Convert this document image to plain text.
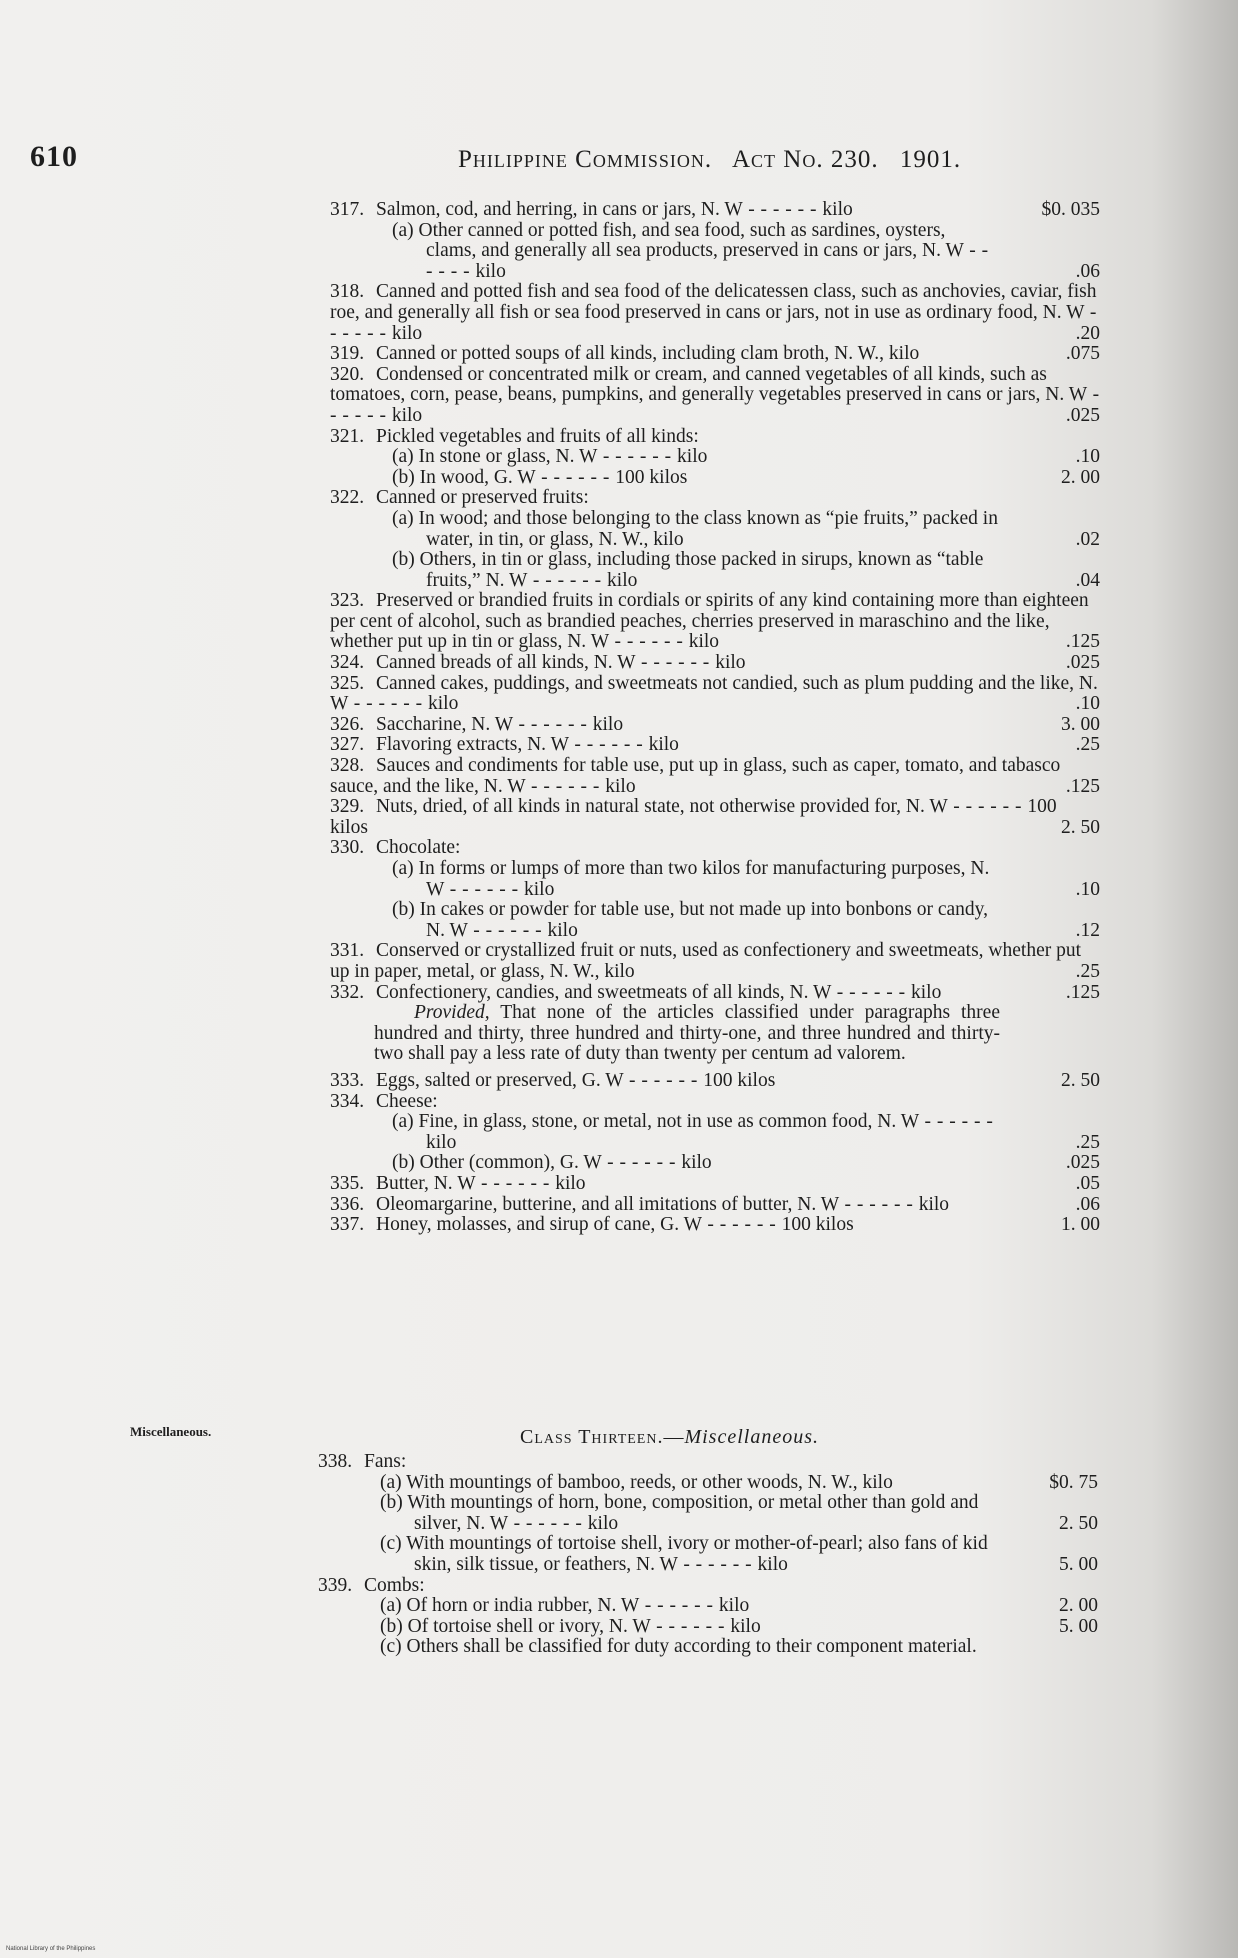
610	Philippine Commission. Act No. 230. 1901.
317. Salmon, cod, and herring, in cans or jars, N. W - - - - - - kilo	$0. 035
(a) Other canned or potted fish, and sea food, such as sardines, oysters, clams, and generally all sea products, preserved in cans or jars, N. W - - - - - - kilo	.06
318. Canned and potted fish and sea food of the delicatessen class, such as anchovies, caviar, fish roe, and generally all fish or sea food preserved in cans or jars, not in use as ordinary food, N. W - - - - - - kilo	.20
319. Canned or potted soups of all kinds, including clam broth, N. W., kilo	.075
320. Condensed or concentrated milk or cream, and canned vegetables of all kinds, such as tomatoes, corn, pease, beans, pumpkins, and generally vegetables preserved in cans or jars, N. W - - - - - - kilo	.025
321. Pickled vegetables and fruits of all kinds:
(a) In stone or glass, N. W - - - - - - kilo	.10
(b) In wood, G. W - - - - - - 100 kilos	2. 00
322. Canned or preserved fruits:
(a) In wood; and those belonging to the class known as “pie fruits,” packed in water, in tin, or glass, N. W., kilo	.02
(b) Others, in tin or glass, including those packed in sirups, known as “table fruits,” N. W - - - - - - kilo	.04
323. Preserved or brandied fruits in cordials or spirits of any kind containing more than eighteen per cent of alcohol, such as brandied peaches, cherries preserved in maraschino and the like, whether put up in tin or glass, N. W - - - - - - kilo	.125
324. Canned breads of all kinds, N. W - - - - - - kilo	.025
325. Canned cakes, puddings, and sweetmeats not candied, such as plum pudding and the like, N. W - - - - - - kilo	.10
326. Saccharine, N. W - - - - - - kilo	3. 00
327. Flavoring extracts, N. W - - - - - - kilo	.25
328. Sauces and condiments for table use, put up in glass, such as caper, tomato, and tabasco sauce, and the like, N. W - - - - - - kilo	.125
329. Nuts, dried, of all kinds in natural state, not otherwise provided for, N. W - - - - - - 100 kilos	2. 50
330. Chocolate:
(a) In forms or lumps of more than two kilos for manufacturing purposes, N. W - - - - - - kilo	.10
(b) In cakes or powder for table use, but not made up into bonbons or candy, N. W - - - - - - kilo	.12
331. Conserved or crystallized fruit or nuts, used as confectionery and sweetmeats, whether put up in paper, metal, or glass, N. W., kilo	.25
332. Confectionery, candies, and sweetmeats of all kinds, N. W - - - - - - kilo	.125
Provided, That none of the articles classified under paragraphs three hundred and thirty, three hundred and thirty-one, and three hundred and thirty-two shall pay a less rate of duty than twenty per centum ad valorem.
333. Eggs, salted or preserved, G. W - - - - - - 100 kilos	2. 50
334. Cheese:
(a) Fine, in glass, stone, or metal, not in use as common food, N. W - - - - - - kilo	.25
(b) Other (common), G. W - - - - - - kilo	.025
335. Butter, N. W - - - - - - kilo	.05
336. Oleomargarine, butterine, and all imitations of butter, N. W - - - - - - kilo	.06
337. Honey, molasses, and sirup of cane, G. W - - - - - - 100 kilos	1. 00
Miscellaneous.	Class Thirteen.—Miscellaneous.
338. Fans:
(a) With mountings of bamboo, reeds, or other woods, N. W., kilo	$0. 75
(b) With mountings of horn, bone, composition, or metal other than gold and silver, N. W - - - - - - kilo	2. 50
(c) With mountings of tortoise shell, ivory or mother-of-pearl; also fans of kid skin, silk tissue, or feathers, N. W - - - - - - kilo	5. 00
339. Combs:
(a) Of horn or india rubber, N. W - - - - - - kilo	2. 00
(b) Of tortoise shell or ivory, N. W - - - - - - kilo	5. 00
(c) Others shall be classified for duty according to their component material.
National Library of the Philippines
